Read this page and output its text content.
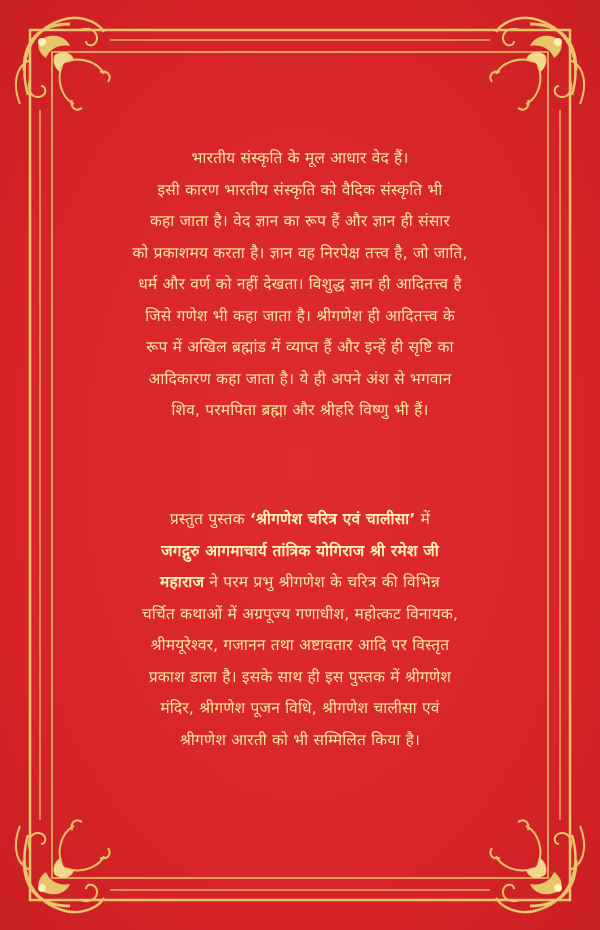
भारतीय संस्कृति के मूल आधार वेद हैं।
इसी कारण भारतीय संस्कृति को वैदिक संस्कृति भी
कहा जाता है। वेद ज्ञान का रूप हैं और ज्ञान ही संसार
को प्रकाशमय करता है। ज्ञान वह निरपेक्ष तत्त्व है, जो जाति,
धर्म और वर्ण को नहीं देखता। विशुद्ध ज्ञान ही आदितत्त्व है
जिसे गणेश भी कहा जाता है। श्रीगणेश ही आदितत्त्व के
रूप में अखिल ब्रह्मांड में व्याप्त हैं और इन्हें ही सृष्टि का
आदिकारण कहा जाता है। ये ही अपने अंश से भगवान
शिव, परमपिता ब्रह्मा और श्रीहरि विष्णु भी हैं।
प्रस्तुत पुस्तक ‘श्रीगणेश चरित्र एवं चालीसा’ में
जगद्गुरु आगमाचार्य तांत्रिक योगिराज श्री रमेश जी
महाराज ने परम प्रभु श्रीगणेश के चरित्र की विभिन्न
चर्चित कथाओं में अग्रपूज्य गणाधीश, महोत्कट विनायक,
श्रीमयूरेश्वर, गजानन तथा अष्टावतार आदि पर विस्तृत
प्रकाश डाला है। इसके साथ ही इस पुस्तक में श्रीगणेश
मंदिर, श्रीगणेश पूजन विधि, श्रीगणेश चालीसा एवं
श्रीगणेश आरती को भी सम्मिलित किया है।
